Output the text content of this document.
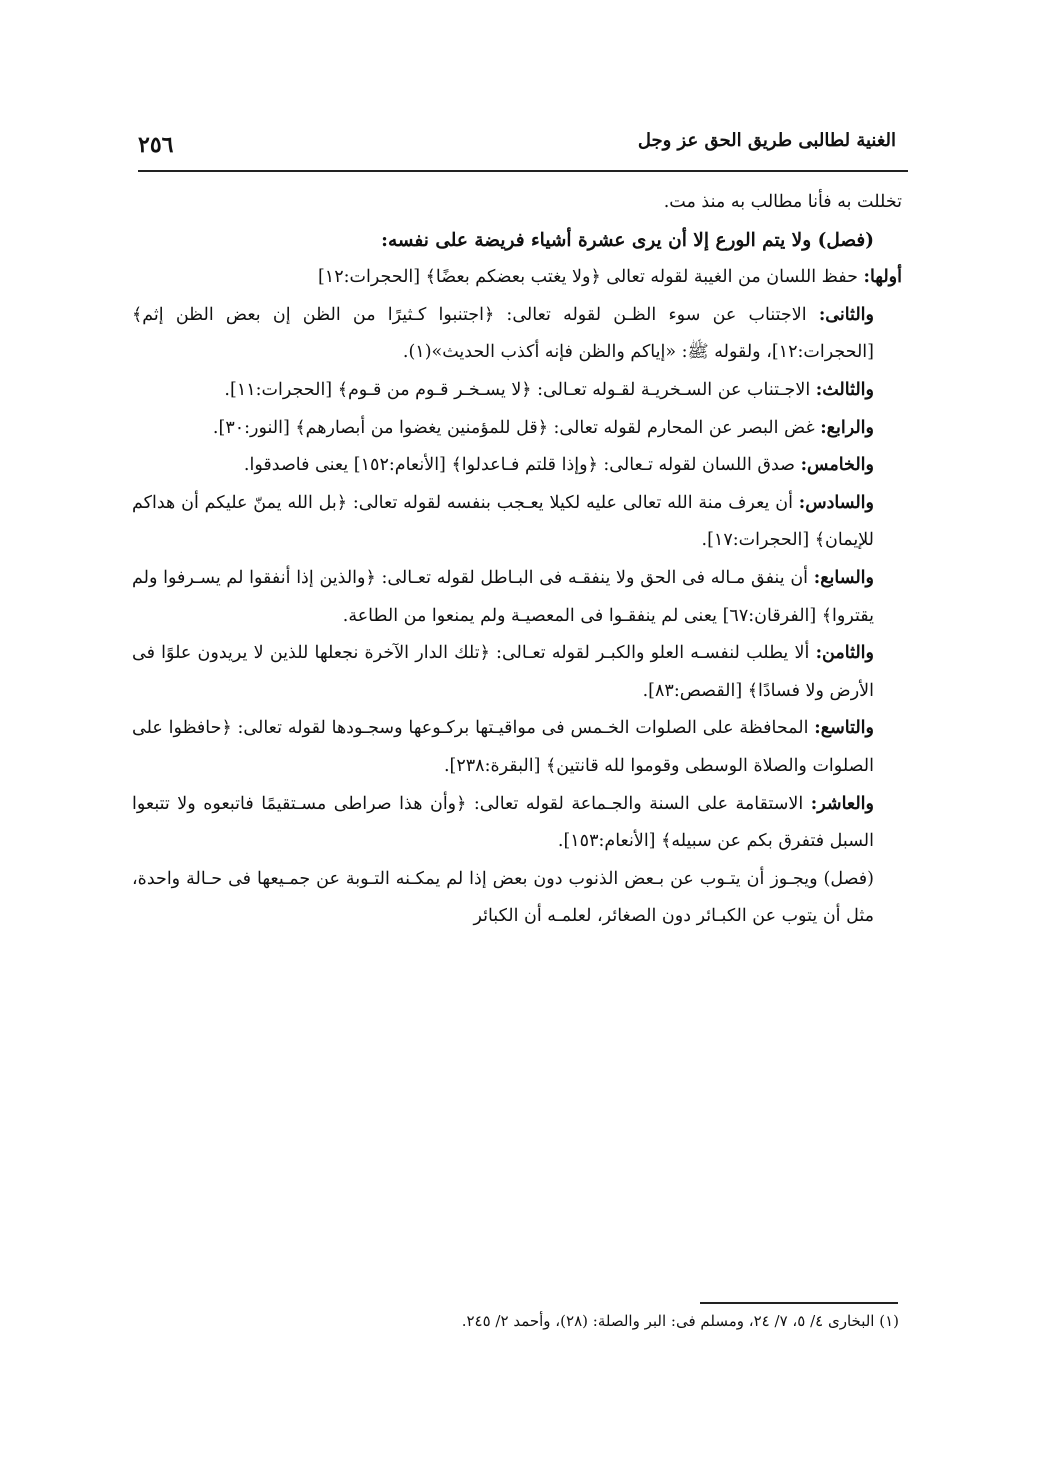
الغنية لطالبى طريق الحق عز وجل
٢٥٦

تخللت به فأنا مطالب به منذ مت.

(فصل) ولا يتم الورع إلا أن يرى عشرة أشياء فريضة على نفسه:

أولها: حفظ اللسان من الغيبة لقوله تعالى ﴿ولا يغتب بعضكم بعضًا﴾ [الحجرات:١٢]

والثانى: الاجتناب عن سوء الظـن لقوله تعالى: ﴿اجتنبوا كـثيرًا من الظن إن بعض الظن إثم﴾ [الحجرات:١٢]، ولقوله ﷺ: «إياكم والظن فإنه أكذب الحديث»(١).

والثالث: الاجـتناب عن السـخريـة لقـوله تعـالى: ﴿لا يسـخـر قـوم من قـوم﴾ [الحجرات:١١].

والرابع: غض البصر عن المحارم لقوله تعالى: ﴿قل للمؤمنين يغضوا من أبصارهم﴾ [النور:٣٠].

والخامس: صدق اللسان لقوله تـعالى: ﴿وإذا قلتم فـاعدلوا﴾ [الأنعام:١٥٢] يعنى فاصدقوا.

والسادس: أن يعرف منة الله تعالى عليه لكيلا يعـجب بنفسه لقوله تعالى: ﴿بل الله يمنّ عليكم أن هداكم للإيمان﴾ [الحجرات:١٧].

والسابع: أن ينفق مـاله فى الحق ولا ينفقـه فى البـاطل لقوله تعـالى: ﴿والذين إذا أنفقوا لم يسـرفوا ولم يقتروا﴾ [الفرقان:٦٧] يعنى لم ينفقـوا فى المعصيـة ولم يمنعوا من الطاعة.

والثامن: ألا يطلب لنفسـه العلو والكبـر لقوله تعـالى: ﴿تلك الدار الآخرة نجعلها للذين لا يريدون علوًا فى الأرض ولا فسادًا﴾ [القصص:٨٣].

والتاسع: المحافظة على الصلوات الخـمس فى مواقيـتها بركـوعها وسجـودها لقوله تعالى: ﴿حافظوا على الصلوات والصلاة الوسطى وقوموا لله قانتين﴾ [البقرة:٢٣٨].

والعاشر: الاستقامة على السنة والجـماعة لقوله تعالى: ﴿وأن هذا صراطى مسـتقيمًا فاتبعوه ولا تتبعوا السبل فتفرق بكم عن سبيله﴾ [الأنعام:١٥٣].

(فصل) ويجـوز أن يتـوب عن بـعض الذنوب دون بعض إذا لم يمكـنه التـوبة عن جمـيعها فى حـالة واحدة، مثل أن يتوب عن الكبـائر دون الصغائر، لعلمـه أن الكبائر

(١) البخارى ٤/ ٥، ٧/ ٢٤، ومسلم فى: البر والصلة: (٢٨)، وأحمد ٢/ ٢٤٥.
